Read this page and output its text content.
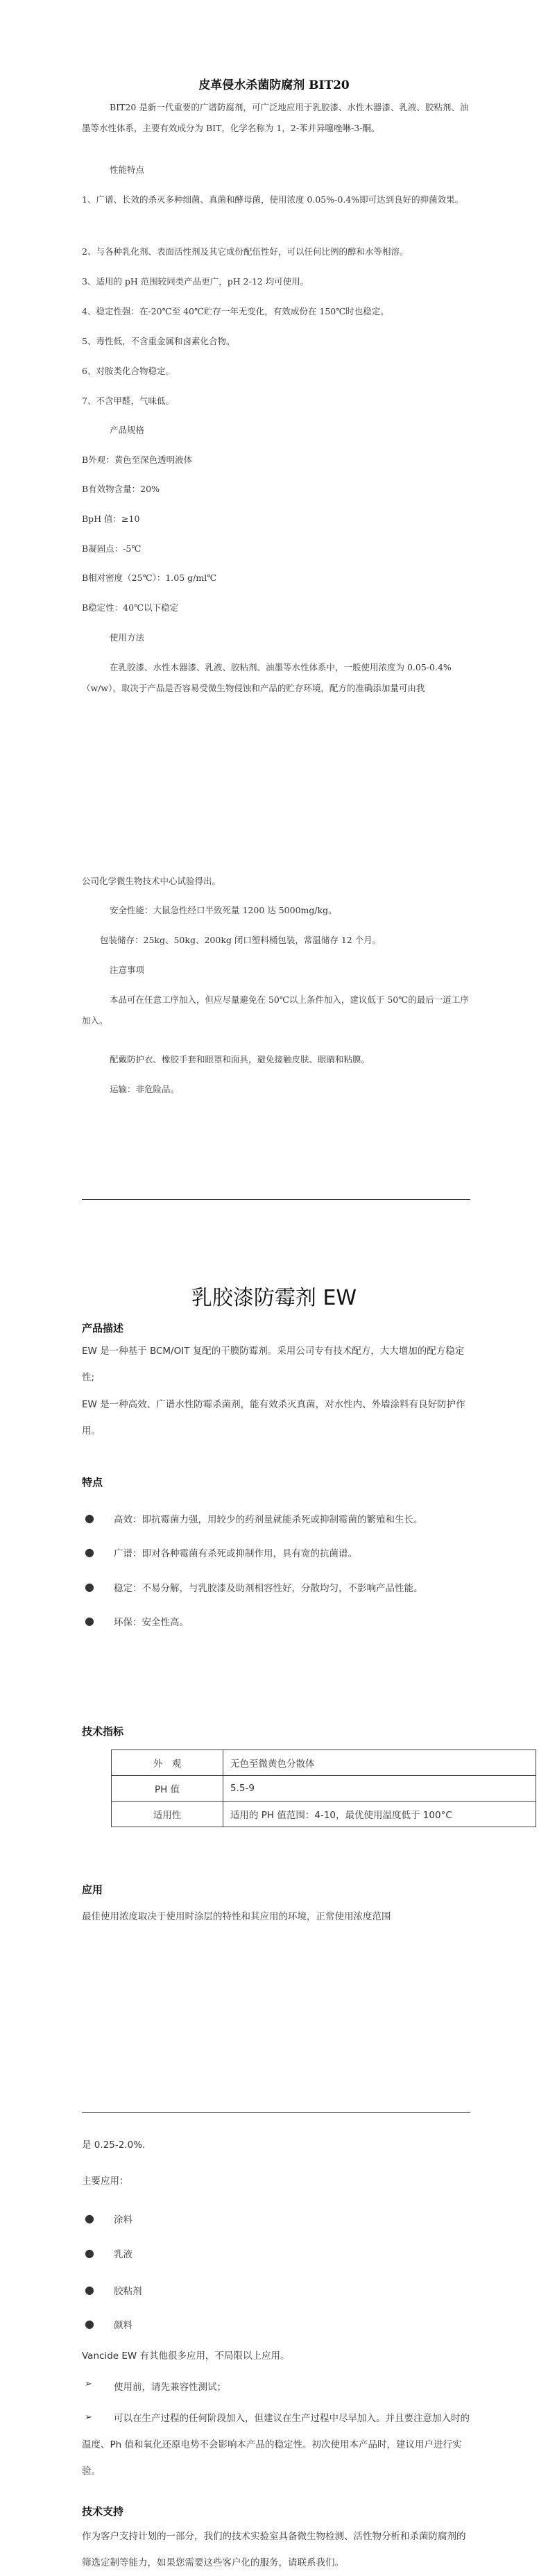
皮革侵水杀菌防腐剂 BIT20

BIT20 是新一代重要的广谱防腐剂，可广泛地应用于乳胶漆、水性木器漆、乳液、胶粘剂、油墨等水性体系，主要有效成分为 BIT，化学名称为 1，2-苯并异噻唑啉-3-酮。

性能特点

1、广谱、长效的杀灭多种细菌、真菌和酵母菌，使用浓度 0.05%-0.4%即可达到良好的抑菌效果。

2、与各种乳化剂、表面活性剂及其它成份配伍性好，可以任何比例的醇和水等相溶。

3、适用的 pH 范围较同类产品更广，pH 2-12 均可使用。

4、稳定性强：在-20℃至 40℃贮存一年无变化，有效成份在 150℃时也稳定。

5、毒性低，不含重金属和卤素化合物。

6、对胺类化合物稳定。

7、不含甲醛，气味低。

产品规格

B外观：黄色至深色透明液体

B有效物含量：20%

BpH 值：≥10

B凝固点：-5℃

B相对密度（25℃）：1.05 g/ml℃

B稳定性：40℃以下稳定

使用方法

在乳胶漆、水性木器漆、乳液、胶粘剂、油墨等水性体系中，一般使用浓度为 0.05-0.4%（w/w），取决于产品是否容易受微生物侵蚀和产品的贮存环境，配方的准确添加量可由我

公司化学微生物技术中心试验得出。

安全性能：大鼠急性经口半致死量 1200 达 5000mg/kg。

包装储存：25kg、50kg、200kg 闭口塑料桶包装，常温储存 12 个月。

注意事项

本品可在任意工序加入，但应尽量避免在 50℃以上条件加入，建议低于 50℃的最后一道工序加入。

配戴防护衣、橡胶手套和眼罩和面具，避免接触皮肤、眼睛和粘膜。

运输：非危险品。

乳胶漆防霉剂 EW
产品描述

EW 是一种基于 BCM/OIT 复配的干膜防霉剂。采用公司专有技术配方，大大增加的配方稳定性;

EW 是一种高效、广谱水性防霉杀菌剂，能有效杀灭真菌，对水性内、外墙涂料有良好防护作用。

特点
● 高效：即抗霉菌力强，用较少的药剂量就能杀死或抑制霉菌的繁殖和生长。
● 广谱：即对各种霉菌有杀死或抑制作用，具有宽的抗菌谱。
● 稳定：不易分解，与乳胶漆及助剂相容性好，分散均匀，不影响产品性能。
● 环保：安全性高。
技术指标
外　观	无色至微黄色分散体
PH 值	5.5-9
适用性	适用的 PH 值范围：4-10，最优使用温度低于 100°C
应用

最佳使用浓度取决于使用时涂层的特性和其应用的环境，正常使用浓度范围

是 0.25-2.0%.

主要应用：

● 涂料
● 乳液
● 胶粘剂
● 颜料

Vancide EW 有其他很多应用，不局限以上应用。

➢ 使用前，请先兼容性测试；

可以在生产过程的任何阶段加入，但建议在生产过程中尽早加入。并且要注意加入时的温度、Ph 值和氧化还原电势不会影响本产品的稳定性。初次使用本产品时，建议用户进行实验。

➢
技术支持

作为客户支持计划的一部分，我们的技术实验室具备微生物检测、活性物分析和杀菌防腐剂的筛选定制等能力，如果您需要这些客户化的服务，请联系我们。
